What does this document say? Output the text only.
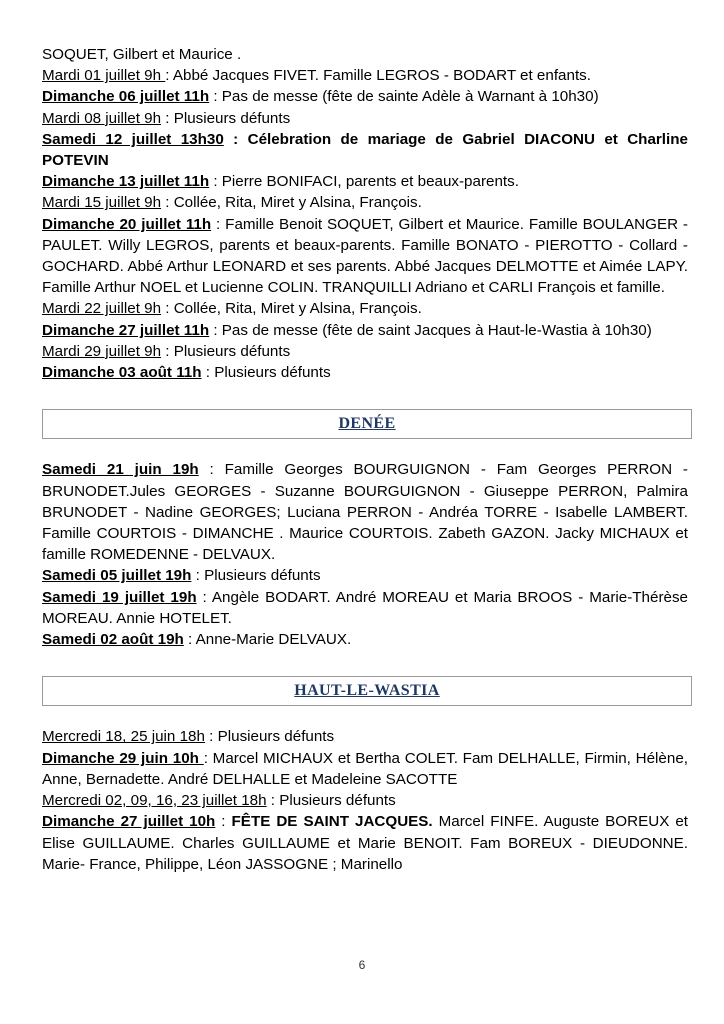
SOQUET, Gilbert et Maurice .
Mardi 01 juillet 9h : Abbé Jacques FIVET. Famille LEGROS - BODART et enfants.
Dimanche 06 juillet 11h : Pas de messe (fête de sainte Adèle à Warnant à 10h30)
Mardi 08 juillet 9h : Plusieurs défunts
Samedi 12 juillet 13h30 : Célebration de mariage de Gabriel DIACONU et Charline POTEVIN
Dimanche 13 juillet 11h : Pierre BONIFACI, parents et beaux-parents.
Mardi 15 juillet 9h : Collée, Rita, Miret y Alsina, François.
Dimanche 20 juillet 11h : Famille Benoit SOQUET, Gilbert et Maurice. Famille BOULANGER - PAULET. Willy LEGROS, parents et beaux-parents. Famille BONATO - PIEROTTO - Collard - GOCHARD. Abbé Arthur LEONARD et ses parents. Abbé Jacques DELMOTTE et Aimée LAPY. Famille Arthur NOEL et Lucienne COLIN. TRANQUILLI Adriano et CARLI François et famille.
Mardi 22 juillet 9h : Collée, Rita, Miret y Alsina, François.
Dimanche 27 juillet 11h : Pas de messe (fête de saint Jacques à Haut-le-Wastia à 10h30)
Mardi 29 juillet 9h : Plusieurs défunts
Dimanche 03 août 11h : Plusieurs défunts
DENÉE
Samedi 21 juin 19h : Famille Georges BOURGUIGNON - Fam Georges PERRON - BRUNODET.Jules GEORGES - Suzanne BOURGUIGNON - Giuseppe PERRON, Palmira BRUNODET - Nadine GEORGES; Luciana PERRON - Andréa TORRE - Isabelle LAMBERT. Famille COURTOIS - DIMANCHE . Maurice COURTOIS. Zabeth GAZON. Jacky MICHAUX et famille ROMEDENNE - DELVAUX.
Samedi 05 juillet 19h : Plusieurs défunts
Samedi 19 juillet 19h : Angèle BODART. André MOREAU et Maria BROOS - Marie-Thérèse MOREAU. Annie HOTELET.
Samedi 02 août 19h : Anne-Marie DELVAUX.
HAUT-LE-WASTIA
Mercredi 18, 25 juin 18h : Plusieurs défunts
Dimanche 29 juin 10h : Marcel MICHAUX et Bertha COLET. Fam DELHALLE, Firmin, Hélène, Anne, Bernadette. André DELHALLE et Madeleine SACOTTE
Mercredi 02, 09, 16, 23 juillet 18h : Plusieurs défunts
Dimanche 27 juillet 10h : FÊTE DE SAINT JACQUES. Marcel FINFE. Auguste BOREUX et Elise GUILLAUME. Charles GUILLAUME et Marie BENOIT. Fam BOREUX - DIEUDONNE. Marie- France, Philippe, Léon JASSOGNE ; Marinello
6
